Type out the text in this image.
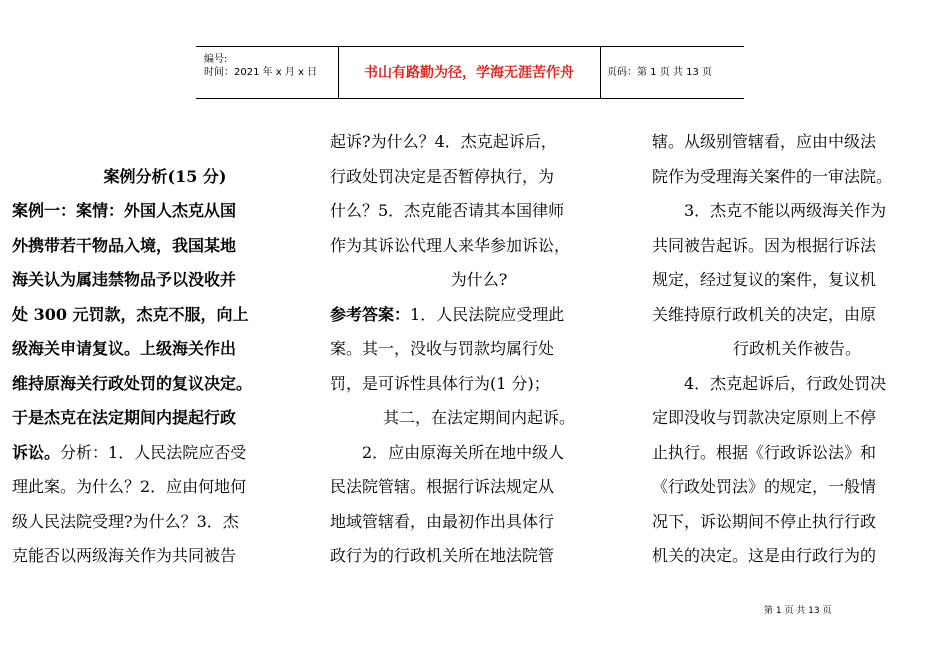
编号:
时间：2021 年 x 月 x 日	书山有路勤为径，学海无涯苦作舟	页码：第 1 页 共 13 页

案例分析(15 分)

案例一：案情：外国人杰克从国

外携带若干物品入境，我国某地

海关认为属违禁物品予以没收并

处 300 元罚款，杰克不服，向上

级海关申请复议。上级海关作出

维持原海关行政处罚的复议决定。

于是杰克在法定期间内提起行政

诉讼。分析：1．人民法院应否受

理此案。为什么？2．应由何地何

级人民法院受理?为什么？3．杰

克能否以两级海关作为共同被告

起诉?为什么？4．杰克起诉后，

行政处罚决定是否暂停执行，为

什么？5．杰克能否请其本国律师

作为其诉讼代理人来华参加诉讼，

为什么?

参考答案：1．人民法院应受理此

案。其一，没收与罚款均属行处

罚，是可诉性具体行为(1 分)；

其二，在法定期间内起诉。

2．应由原海关所在地中级人

民法院管辖。根据行诉法规定从

地域管辖看，由最初作出具体行

政行为的行政机关所在地法院管

辖。从级别管辖看，应由中级法

院作为受理海关案件的一审法院。

3．杰克不能以两级海关作为

共同被告起诉。因为根据行诉法

规定，经过复议的案件，复议机

关维持原行政机关的决定，由原

行政机关作被告。

4．杰克起诉后，行政处罚决

定即没收与罚款决定原则上不停

止执行。根据《行政诉讼法》和

《行政处罚法》的规定，一般情

况下，诉讼期间不停止执行行政

机关的决定。这是由行政行为的

第 1 页 共 13 页
